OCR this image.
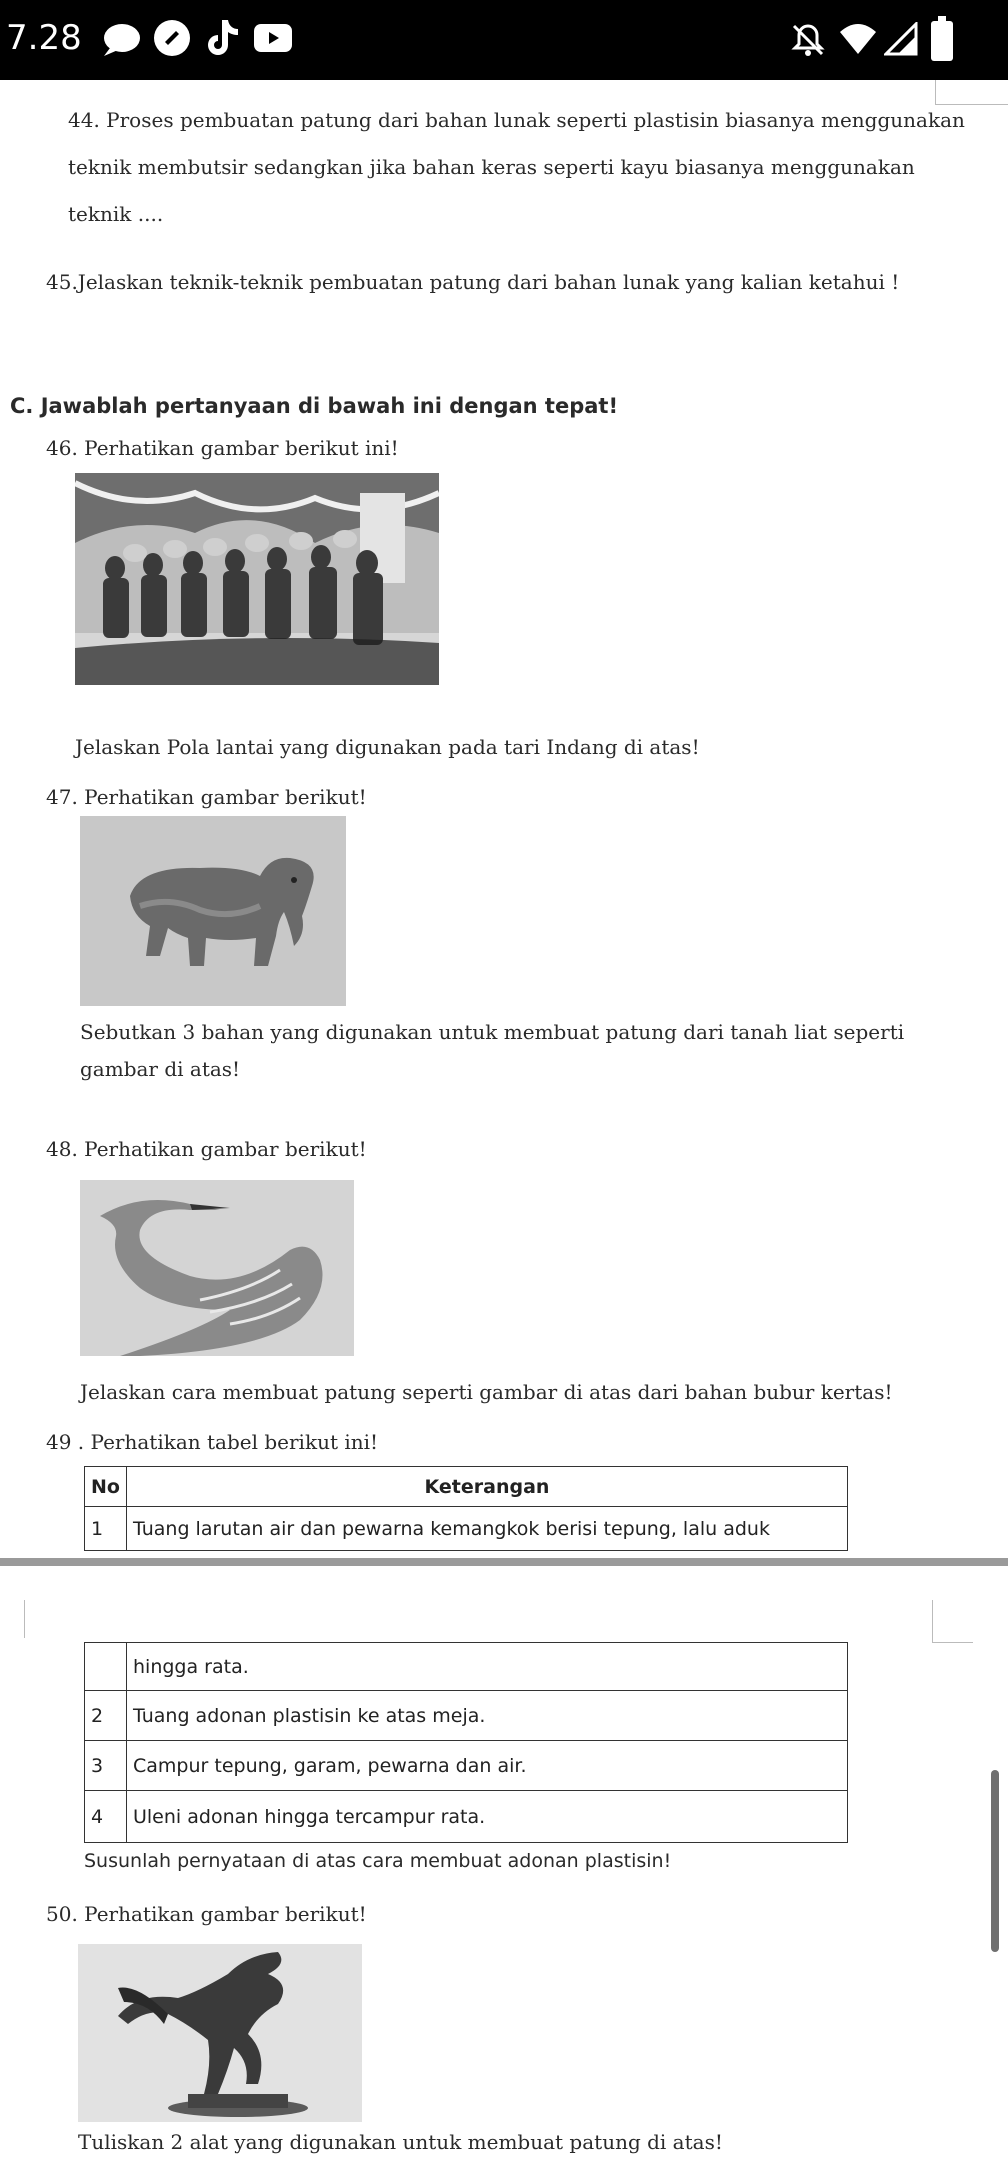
7.28
44. Proses pembuatan patung dari bahan lunak seperti plastisin biasanya menggunakan
teknik membutsir sedangkan jika bahan keras seperti kayu biasanya menggunakan
teknik ....
45.Jelaskan teknik-teknik pembuatan patung dari bahan lunak yang kalian ketahui !
C. Jawablah pertanyaan di bawah ini dengan tepat!
46. Perhatikan gambar berikut ini!
Jelaskan Pola lantai yang digunakan pada tari Indang di atas!
47. Perhatikan gambar berikut!
Sebutkan 3 bahan yang digunakan untuk membuat patung dari tanah liat seperti
gambar di atas!
48. Perhatikan gambar berikut!
Jelaskan cara membuat patung seperti gambar di atas dari bahan bubur kertas!
49 . Perhatikan tabel berikut ini!
No	Keterangan
1	Tuang larutan air dan pewarna kemangkok berisi tepung, lalu aduk
	hingga rata.
2	Tuang adonan plastisin ke atas meja.
3	Campur tepung, garam, pewarna dan air.
4	Uleni adonan hingga tercampur rata.
Susunlah pernyataan di atas cara membuat adonan plastisin!
50. Perhatikan gambar berikut!
Tuliskan 2 alat yang digunakan untuk membuat patung di atas!
